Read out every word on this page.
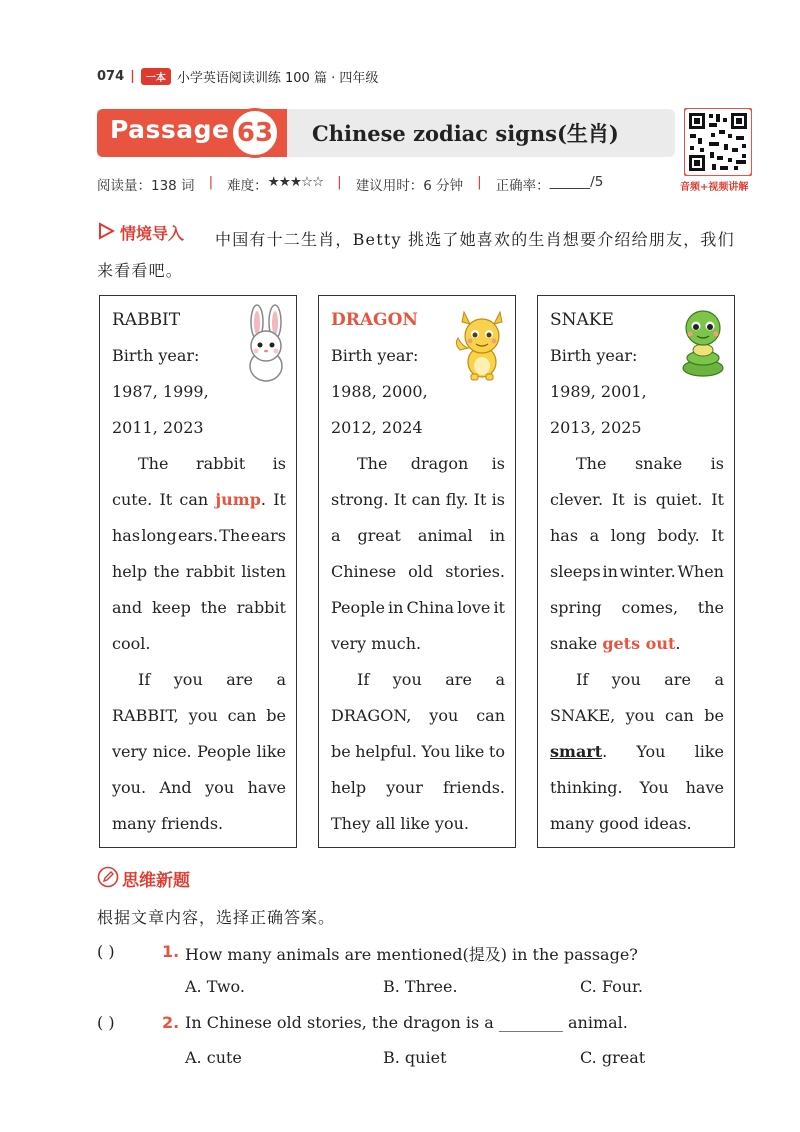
074 |	一本 小学英语阅读训练 100 篇 · 四年级
Passage 63	Chinese zodiac signs(生肖)
音频+视频讲解
阅读量：138 词 | 难度： ★★★☆☆ | 建议用时：6 分钟 | 正确率： ______/5
情境导入 中国有十二生肖，Betty 挑选了她喜欢的生肖想要介绍给朋友，我们
来看看吧。
RABBIT
Birth year:
1987, 1999,
2011, 2023
The rabbit is
cute. It can jump. It
has long ears. The ears
help the rabbit listen
and keep the rabbit
cool.
If you are a
RABBIT, you can be
very nice. People like
you. And you have
many friends.
DRAGON
Birth year:
1988, 2000,
2012, 2024
The dragon is
strong. It can fly. It is
a great animal in
Chinese old stories.
People in China love it
very much.
If you are a
DRAGON, you can
be helpful. You like to
help your friends.
They all like you.
SNAKE
Birth year:
1989, 2001,
2013, 2025
The snake is
clever. It is quiet. It
has a long body. It
sleeps in winter. When
spring comes, the
snake gets out.
If you are a
SNAKE, you can be
smart. You like
thinking. You have
many good ideas.
思维新题
根据文章内容，选择正确答案。
( )	1. How many animals are mentioned(提及) in the passage?
A. Two.	B. Three.	C. Four.
( )	2. In Chinese old stories, the dragon is a ________ animal.
A. cute	B. quiet	C. great
